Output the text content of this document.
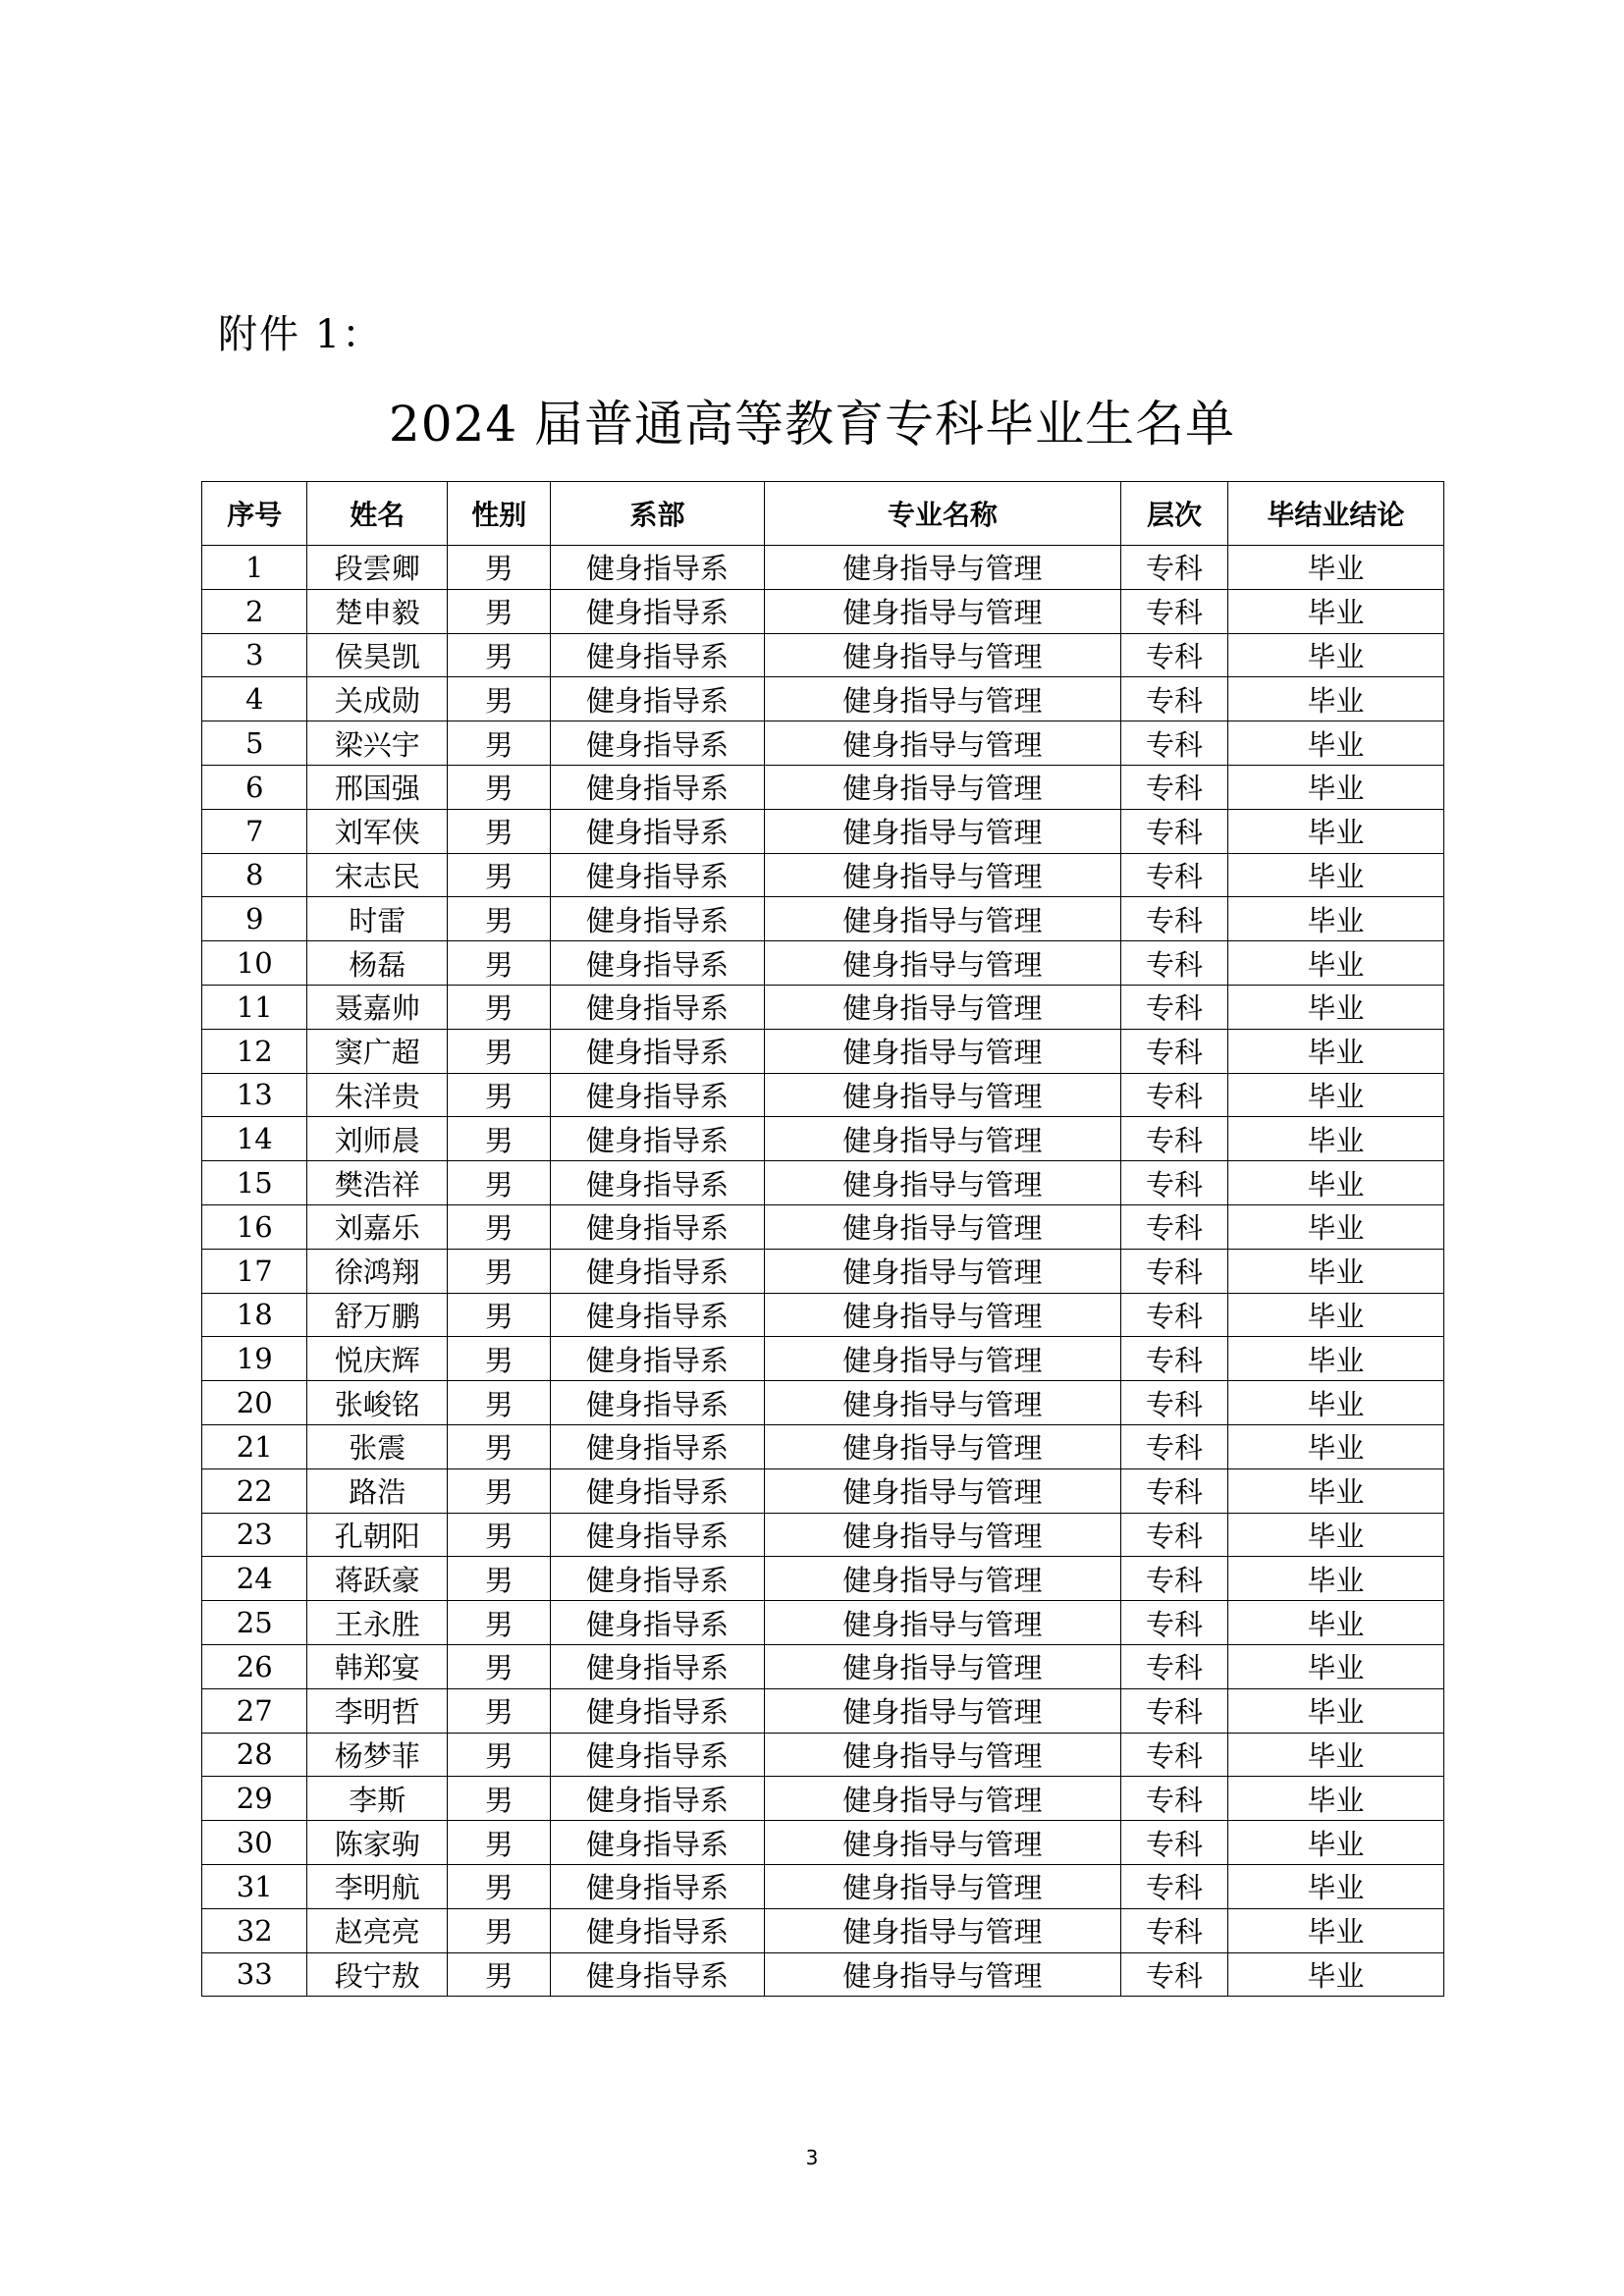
附件 1：
2024 届普通高等教育专科毕业生名单
序号	姓名	性别	系部	专业名称	层次	毕结业结论
1	段雲卿	男	健身指导系	健身指导与管理	专科	毕业
2	楚申毅	男	健身指导系	健身指导与管理	专科	毕业
3	侯昊凯	男	健身指导系	健身指导与管理	专科	毕业
4	关成勋	男	健身指导系	健身指导与管理	专科	毕业
5	梁兴宇	男	健身指导系	健身指导与管理	专科	毕业
6	邢国强	男	健身指导系	健身指导与管理	专科	毕业
7	刘军侠	男	健身指导系	健身指导与管理	专科	毕业
8	宋志民	男	健身指导系	健身指导与管理	专科	毕业
9	时雷	男	健身指导系	健身指导与管理	专科	毕业
10	杨磊	男	健身指导系	健身指导与管理	专科	毕业
11	聂嘉帅	男	健身指导系	健身指导与管理	专科	毕业
12	窦广超	男	健身指导系	健身指导与管理	专科	毕业
13	朱洋贵	男	健身指导系	健身指导与管理	专科	毕业
14	刘师晨	男	健身指导系	健身指导与管理	专科	毕业
15	樊浩祥	男	健身指导系	健身指导与管理	专科	毕业
16	刘嘉乐	男	健身指导系	健身指导与管理	专科	毕业
17	徐鸿翔	男	健身指导系	健身指导与管理	专科	毕业
18	舒万鹏	男	健身指导系	健身指导与管理	专科	毕业
19	悦庆辉	男	健身指导系	健身指导与管理	专科	毕业
20	张峻铭	男	健身指导系	健身指导与管理	专科	毕业
21	张震	男	健身指导系	健身指导与管理	专科	毕业
22	路浩	男	健身指导系	健身指导与管理	专科	毕业
23	孔朝阳	男	健身指导系	健身指导与管理	专科	毕业
24	蒋跃豪	男	健身指导系	健身指导与管理	专科	毕业
25	王永胜	男	健身指导系	健身指导与管理	专科	毕业
26	韩郑宴	男	健身指导系	健身指导与管理	专科	毕业
27	李明哲	男	健身指导系	健身指导与管理	专科	毕业
28	杨梦菲	男	健身指导系	健身指导与管理	专科	毕业
29	李斯	男	健身指导系	健身指导与管理	专科	毕业
30	陈家驹	男	健身指导系	健身指导与管理	专科	毕业
31	李明航	男	健身指导系	健身指导与管理	专科	毕业
32	赵亮亮	男	健身指导系	健身指导与管理	专科	毕业
33	段宁敖	男	健身指导系	健身指导与管理	专科	毕业
3
